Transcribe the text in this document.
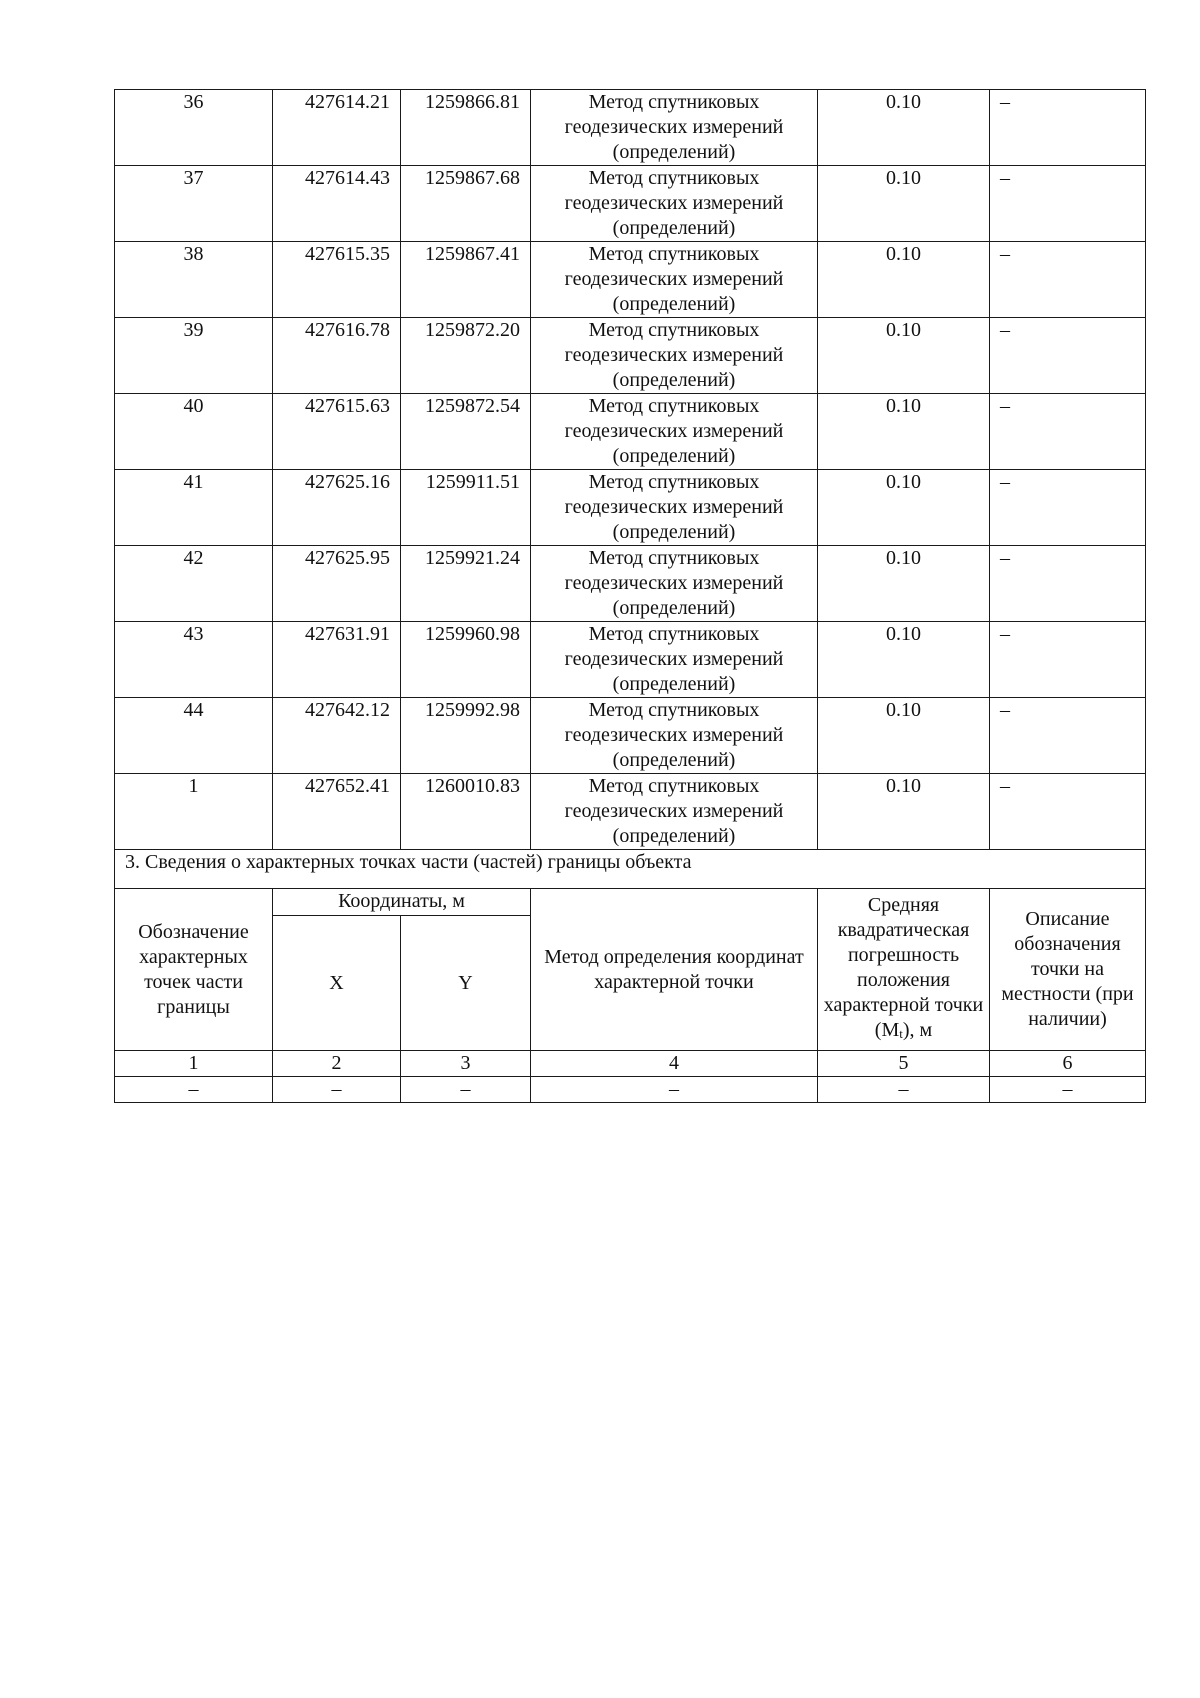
36	427614.21	1259866.81	Метод спутниковых геодезических измерений (определений)	0.10	–
37	427614.43	1259867.68	Метод спутниковых геодезических измерений (определений)	0.10	–
38	427615.35	1259867.41	Метод спутниковых геодезических измерений (определений)	0.10	–
39	427616.78	1259872.20	Метод спутниковых геодезических измерений (определений)	0.10	–
40	427615.63	1259872.54	Метод спутниковых геодезических измерений (определений)	0.10	–
41	427625.16	1259911.51	Метод спутниковых геодезических измерений (определений)	0.10	–
42	427625.95	1259921.24	Метод спутниковых геодезических измерений (определений)	0.10	–
43	427631.91	1259960.98	Метод спутниковых геодезических измерений (определений)	0.10	–
44	427642.12	1259992.98	Метод спутниковых геодезических измерений (определений)	0.10	–
1	427652.41	1260010.83	Метод спутниковых геодезических измерений (определений)	0.10	–
3. Сведения о характерных точках части (частей) границы объекта					
Обозначение характерных точек части границы	Координаты, м		Метод определения координат характерной точки	Средняя квадратическая погрешность положения характерной точки (Mt), м	Описание обозначения точки на местности (при наличии)
	X	Y			
1	2	3	4	5	6
–	–	–	–	–	–
